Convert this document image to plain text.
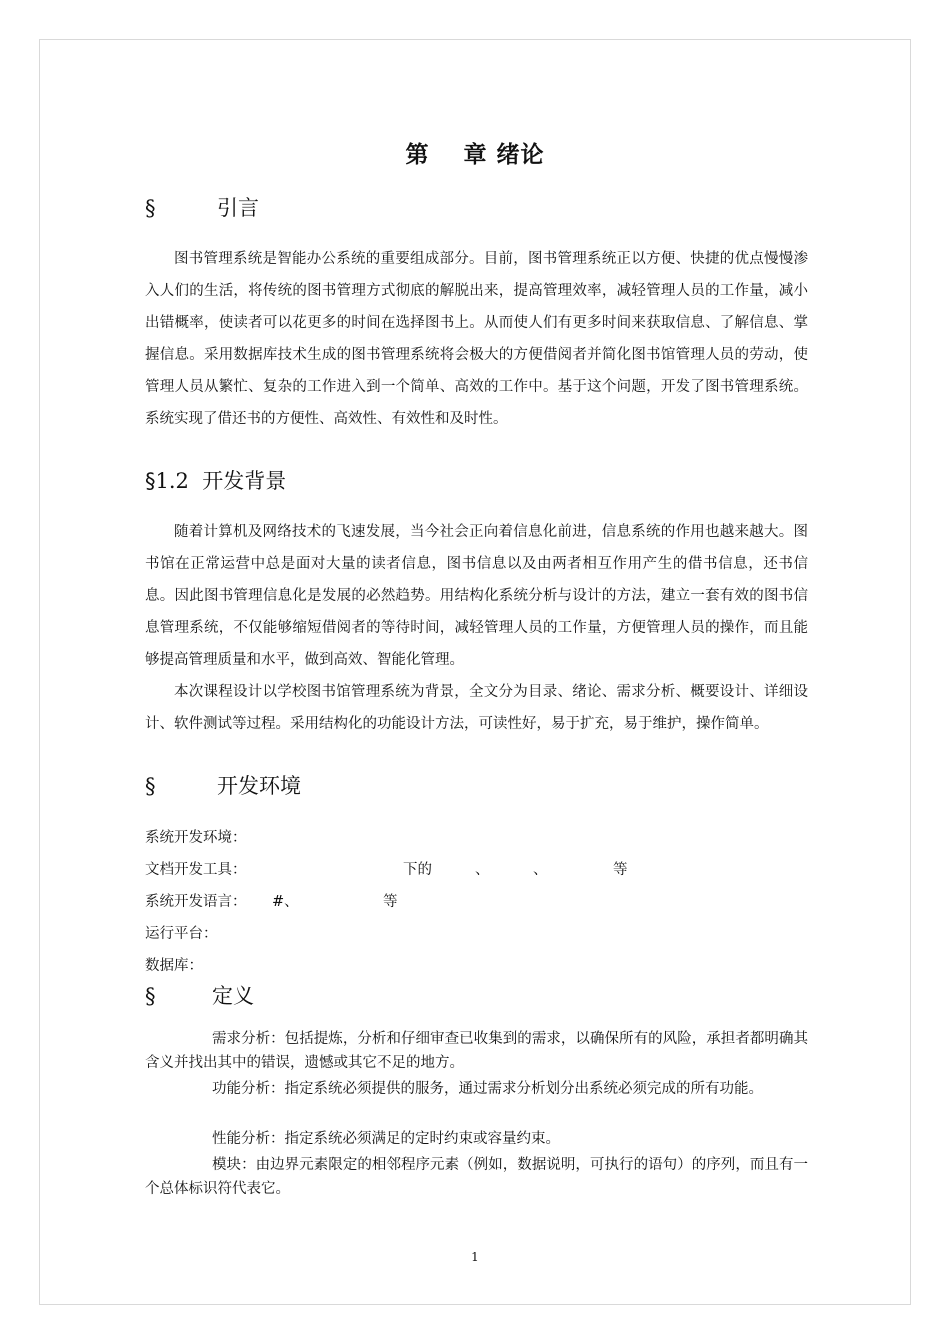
第 章 绪论
§	引言

图书管理系统是智能办公系统的重要组成部分。目前，图书管理系统正以方便、快捷的优点慢慢渗入人们的生活，将传统的图书管理方式彻底的解脱出来，提高管理效率，减轻管理人员的工作量，减小出错概率，使读者可以花更多的时间在选择图书上。从而使人们有更多时间来获取信息、了解信息、掌握信息。采用数据库技术生成的图书管理系统将会极大的方便借阅者并简化图书馆管理人员的劳动，使管理人员从繁忙、复杂的工作进入到一个简单、高效的工作中。基于这个问题，开发了图书管理系统。系统实现了借还书的方便性、高效性、有效性和及时性。

§1.2 开发背景

随着计算机及网络技术的飞速发展，当今社会正向着信息化前进，信息系统的作用也越来越大。图书馆在正常运营中总是面对大量的读者信息，图书信息以及由两者相互作用产生的借书信息，还书信息。因此图书管理信息化是发展的必然趋势。用结构化系统分析与设计的方法，建立一套有效的图书信息管理系统，不仅能够缩短借阅者的等待时间，减轻管理人员的工作量，方便管理人员的操作，而且能够提高管理质量和水平，做到高效、智能化管理。

本次课程设计以学校图书馆管理系统为背景，全文分为目录、绪论、需求分析、概要设计、详细设计、软件测试等过程。采用结构化的功能设计方法，可读性好，易于扩充，易于维护，操作简单。

§	开发环境
系统开发环境：
文档开发工具：	下的	、	、	等
系统开发语言： #、	等
运行平台：
数据库：
§	定义

需求分析：包括提炼，分析和仔细审查已收集到的需求，以确保所有的风险，承担者都明确其含义并找出其中的错误，遗憾或其它不足的地方。

功能分析：指定系统必须提供的服务，通过需求分析划分出系统必须完成的所有功能。

性能分析：指定系统必须满足的定时约束或容量约束。

模块：由边界元素限定的相邻程序元素（例如，数据说明，可执行的语句）的序列，而且有一个总体标识符代表它。

1
